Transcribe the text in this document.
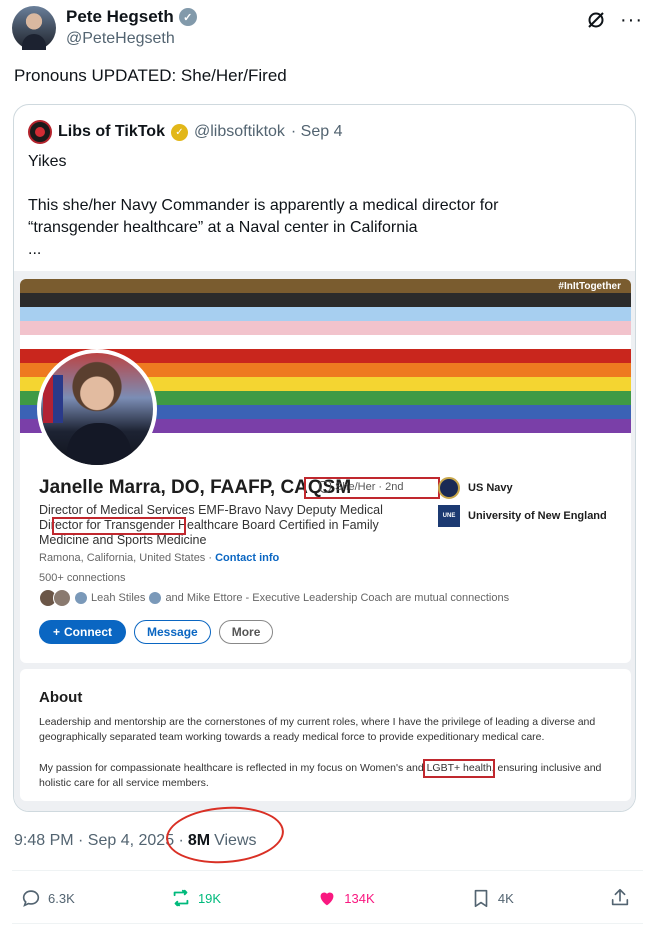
Pete Hegseth ✓
@PeteHegseth
···
Pronouns UPDATED: She/Her/Fired
Libs of TikTok	✓ @libsoftiktok · Sep 4

Yikes

This she/her Navy Commander is apparently a medical director for

“transgender healthcare” at a Naval center in California

...

#InItTogether
Janelle Marra, DO, FAAFP, CAQSM
She/Her · 2nd
Director of Medical Services EMF-Bravo Navy Deputy Medical Director for Transgender Healthcare Board Certified in Family Medicine and Sports Medicine
Ramona, California, United States · Contact info
500+ connections
Leah Stiles and Mike Ettore - Executive Leadership Coach are mutual connections
+ Connect	Message	More
US Navy
UNE	University of New England
About
Leadership and mentorship are the cornerstones of my current roles, where I have the privilege of leading a diverse and geographically separated team working towards a ready medical force to provide expeditionary medical care.
My passion for compassionate healthcare is reflected in my focus on Women's and LGBT+ health, ensuring inclusive and holistic care for all service members.
9:48 PM · Sep 4, 2025 · 8M Views
6.3K	19K	134K	4K
